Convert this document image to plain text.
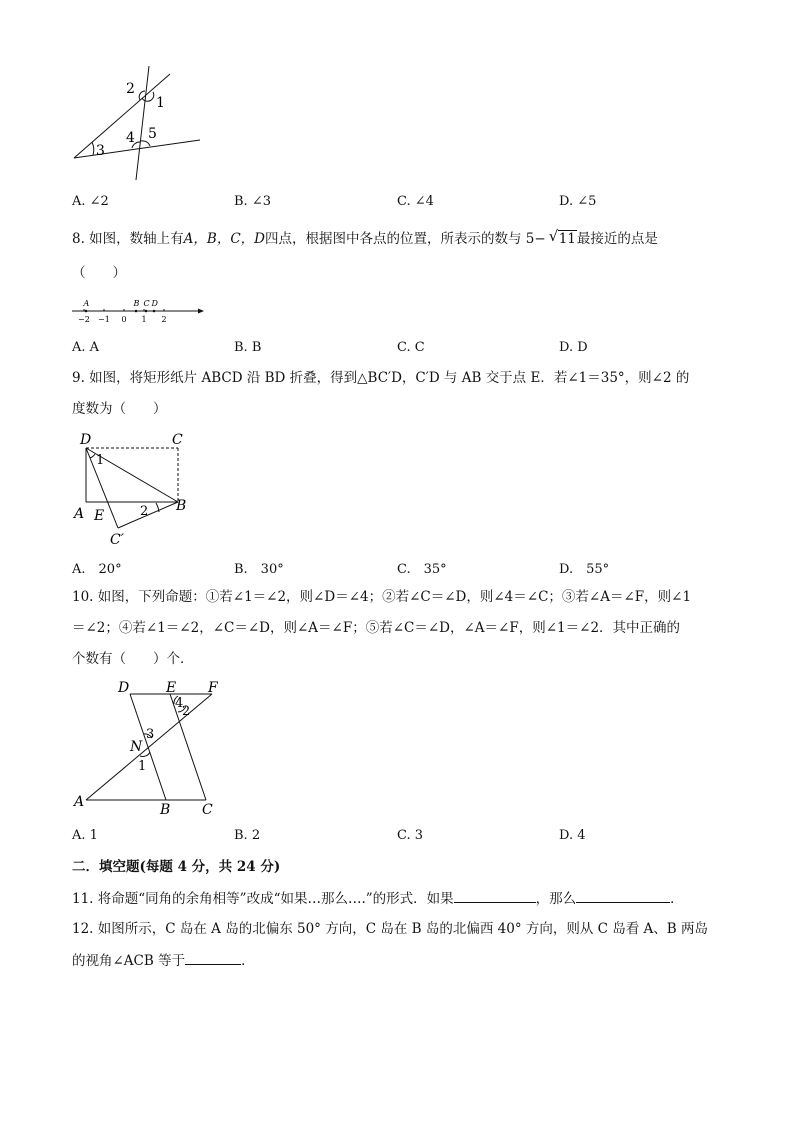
2
1
4 5
3
A. ∠2	B. ∠3	C. ∠4	D. ∠5
8. 如图，数轴上有A，B，C，D四点，根据图中各点的位置，所表示的数与 5− √ 11最接近的点是
（　　）
−2 −1 0 1 2
A	B C D
A. A	B. B	C. C	D. D
9. 如图，将矩形纸片 ABCD 沿 BD 折叠，得到△BC′D，C′D 与 AB 交于点 E．若∠1＝35°，则∠2 的
度数为（　　）
D	C
1
A E	2 B
C′
A.　20°	B.　30°	C.　35°	D.　55°
10. 如图，下列命题：①若∠1＝∠2，则∠D＝∠4；②若∠C＝∠D，则∠4＝∠C；③若∠A＝∠F，则∠1
＝∠2；④若∠1＝∠2，∠C＝∠D，则∠A＝∠F；⑤若∠C＝∠D，∠A＝∠F，则∠1＝∠2．其中正确的
个数有（　　）个．
D	E F
4
2
3
N
1
A	B C
A. 1	B. 2	C. 3	D. 4
二．填空题(每题 4 分，共 24 分)
11. 将命题“同角的余角相等”改成“如果…那么….”的形式．如果	，那么	．
12. 如图所示，C 岛在 A 岛的北偏东 50° 方向，C 岛在 B 岛的北偏西 40° 方向，则从 C 岛看 A、B 两岛
的视角∠ACB 等于	．
